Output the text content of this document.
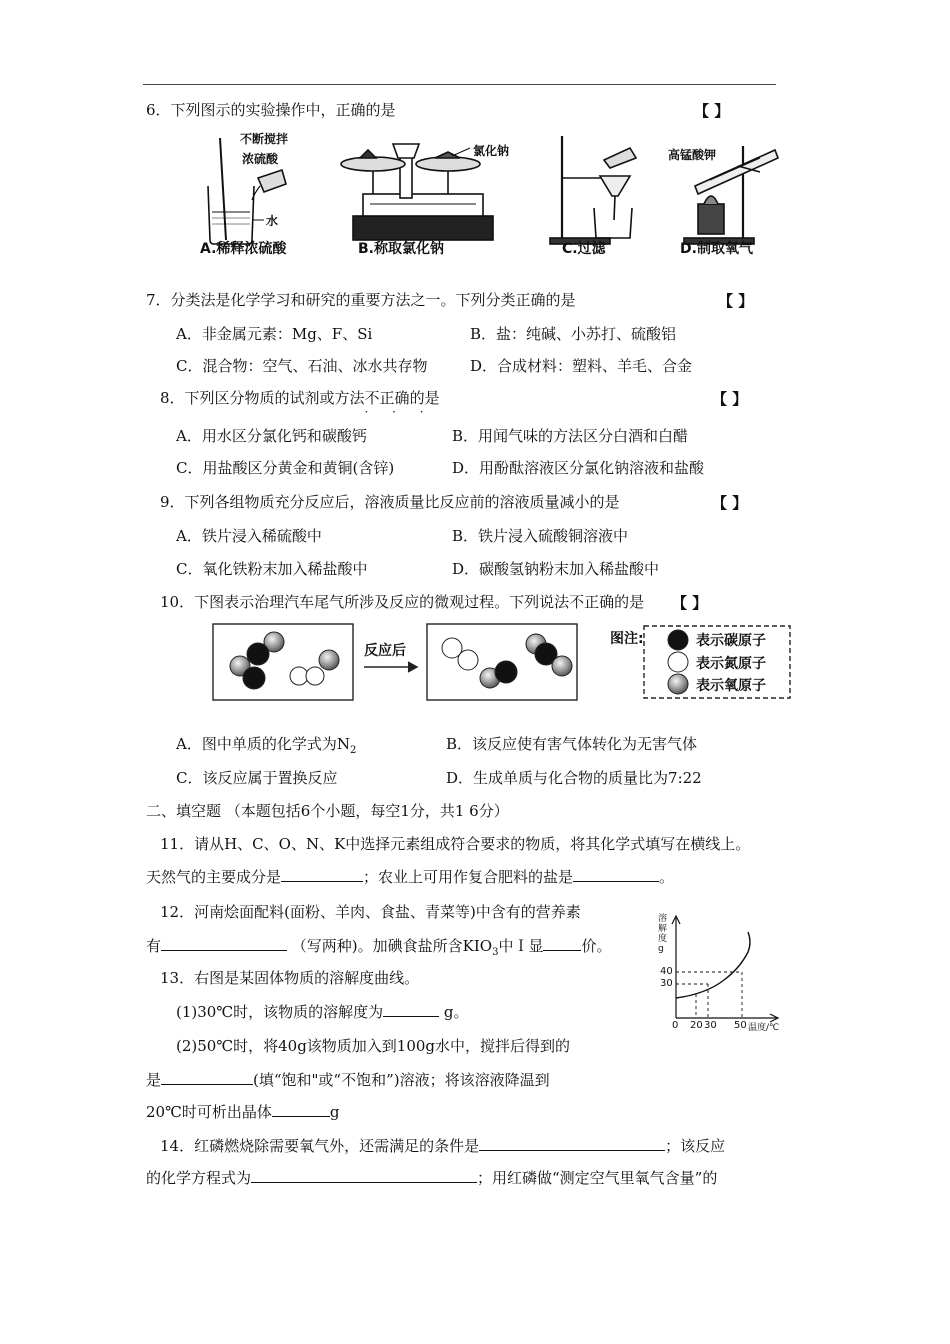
6．下列图示的实验操作中，正确的是	【 】
不断搅拌
浓硫酸
水
A.稀释浓硫酸
氯化钠
B.称取氯化钠	C.过滤
高锰酸钾
D.制取氧气
7．分类法是化学学习和研究的重要方法之一。下列分类正确的是	【 】
A．非金属元素：Mg、F、Si	B．盐：纯碱、小苏打、硫酸铝
C．混合物：空气、石油、冰水共存物	D．合成材料：塑料、羊毛、合金
8．下列区分物质的试剂或方法不正确
· · ·
的是	【 】
A．用水区分氯化钙和碳酸钙	B．用闻气味的方法区分白酒和白醋
C．用盐酸区分黄金和黄铜(含锌)	D．用酚酞溶液区分氯化钠溶液和盐酸
9．下列各组物质充分反应后，溶液质量比反应前的溶液质量减小的是	【 】
A．铁片浸入稀硫酸中	B．铁片浸入硫酸铜溶液中
C．氧化铁粉末加入稀盐酸中	D．碳酸氢钠粉末加入稀盐酸中
10．下图表示治理汽车尾气所涉及反应的微观过程。下列说法不正确的是 【 】
反应后
图注:	表示碳原子
表示氮原子
表示氧原子
A．图中单质的化学式为$N_2$	B．该反应使有害气体转化为无害气体
C．该反应属于置换反应	D．生成单质与化合物的质量比为7:22
二、填空题 （本题包括6个小题，每空1分，共1 6分）
11．请从H、C、O、N、K中选择元素组成符合要求的物质，将其化学式填写在横线上。
天然气的主要成分是	；农业上可用作复合肥料的盐是	。
12．河南烩面配料(面粉、羊肉、食盐、青菜等)中含有的营养素
有	（写两种)。加碘食盐所含$KIO_3$中Ｉ显	价。
溶
解
度
g
40
30
0 20 30 50 温度/℃
13．右图是某固体物质的溶解度曲线。
(1)30℃时，该物质的溶解度为	g。
(2)50℃时，将40g该物质加入到100g水中，搅拌后得到的
是	(填“饱和"或“不饱和”)溶液；将该溶液降温到
20℃时可析出晶体	g
14．红磷燃烧除需要氧气外，还需满足的条件是	；该反应
的化学方程式为	；用红磷做“测定空气里氧气含量”的
